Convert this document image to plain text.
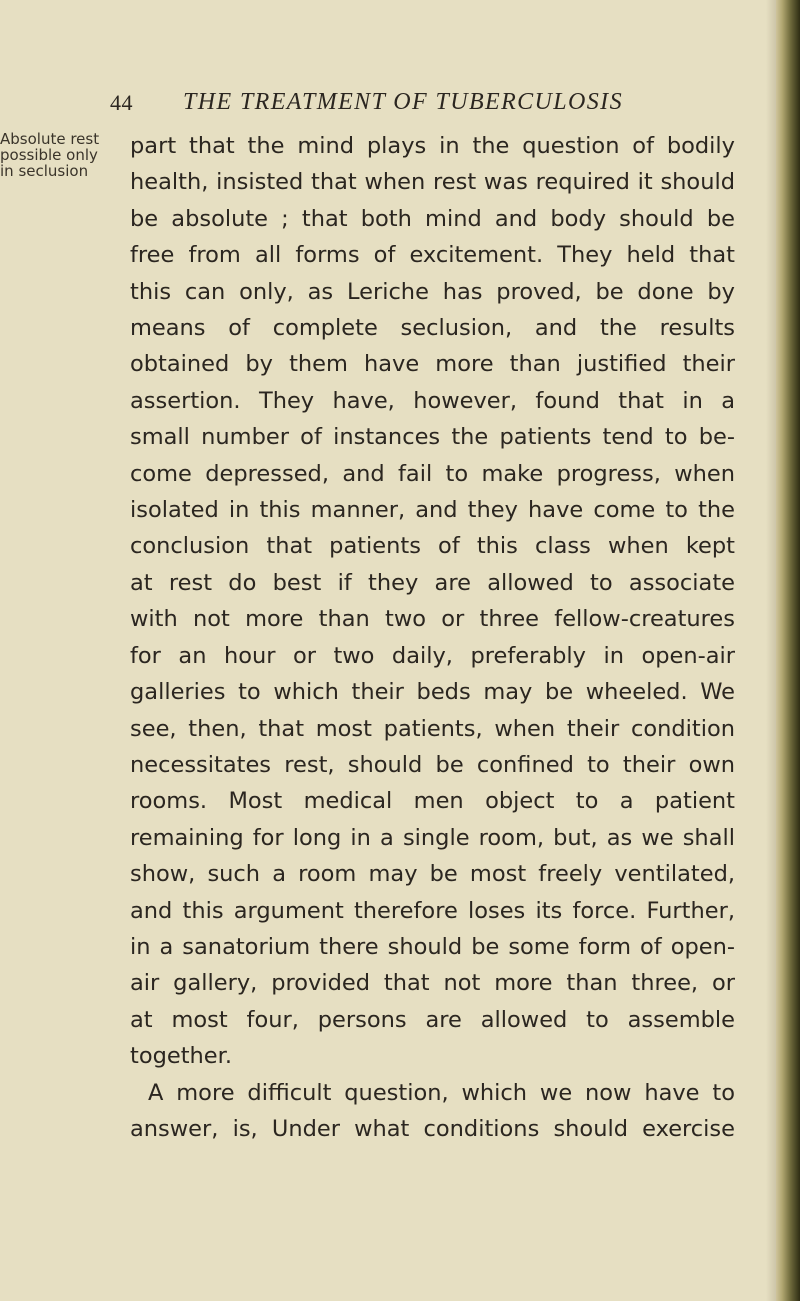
44 THE TREATMENT OF TUBERCULOSIS
Absolute rest
possible only
in seclusion
part that the mind plays in the question of bodily
health, insisted that when rest was required it should
be absolute ; that both mind and body should be
free from all forms of excitement. They held that
this can only, as Leriche has proved, be done by
means of complete seclusion, and the results
obtained by them have more than justified their
assertion. They have, however, found that in a
small number of instances the patients tend to be-
come depressed, and fail to make progress, when
isolated in this manner, and they have come to the
conclusion that patients of this class when kept
at rest do best if they are allowed to associate
with not more than two or three fellow-creatures
for an hour or two daily, preferably in open-air
galleries to which their beds may be wheeled. We
see, then, that most patients, when their condition
necessitates rest, should be confined to their own
rooms. Most medical men object to a patient
remaining for long in a single room, but, as we shall
show, such a room may be most freely ventilated,
and this argument therefore loses its force. Further,
in a sanatorium there should be some form of open-
air gallery, provided that not more than three, or
at most four, persons are allowed to assemble
together.
A more difficult question, which we now have to
answer, is, Under what conditions should exercise
